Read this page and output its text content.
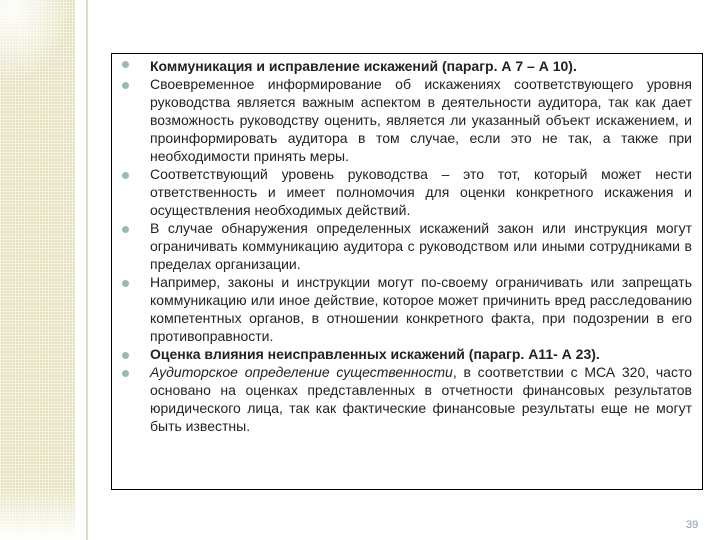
Коммуникация и исправление искажений (парагр. А 7 – А 10).
Своевременное информирование об искажениях соответствующего уровня руководства является важным аспектом в деятельности аудитора, так как дает возможность руководству оценить, является ли указанный объект искажением, и проинформировать аудитора в том случае, если это не так, а также при необходимости принять меры.
Соответствующий уровень руководства – это тот, который может нести ответственность и имеет полномочия для оценки конкретного искажения и осуществления необходимых действий.
В случае обнаружения определенных искажений закон или инструкция могут ограничивать коммуникацию аудитора с руководством или иными сотрудниками в пределах организации.
Например, законы и инструкции могут по-своему ограничивать или запрещать коммуникацию или иное действие, которое может причинить вред расследованию компетентных органов, в отношении конкретного факта, при подозрении в его противоправности.
Оценка влияния неисправленных искажений (парагр. А11- А 23).
Аудиторское определение существенности, в соответствии с МСА 320, часто основано на оценках представленных в отчетности финансовых результатов юридического лица, так как фактические финансовые результаты еще не могут быть известны.
39
